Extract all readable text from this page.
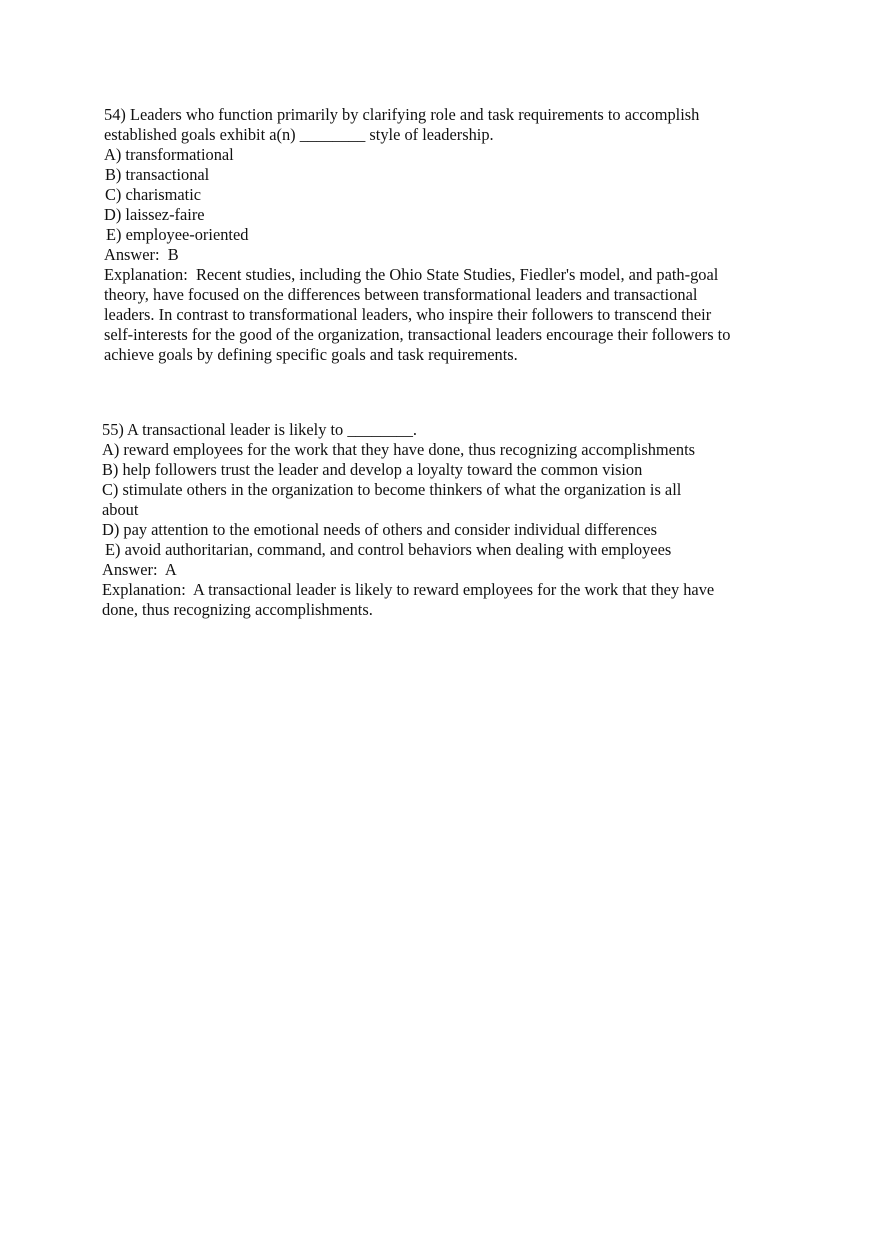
54) Leaders who function primarily by clarifying role and task requirements to accomplish
established goals exhibit a(n) ________ style of leadership.
A) transformational
B) transactional
C) charismatic
D) laissez-faire
E) employee-oriented
Answer:  B
Explanation:  Recent studies, including the Ohio State Studies, Fiedler's model, and path-goal
theory, have focused on the differences between transformational leaders and transactional
leaders. In contrast to transformational leaders, who inspire their followers to transcend their
self-interests for the good of the organization, transactional leaders encourage their followers to
achieve goals by defining specific goals and task requirements.
55) A transactional leader is likely to ________.
A) reward employees for the work that they have done, thus recognizing accomplishments
B) help followers trust the leader and develop a loyalty toward the common vision
C) stimulate others in the organization to become thinkers of what the organization is all
about
D) pay attention to the emotional needs of others and consider individual differences
E) avoid authoritarian, command, and control behaviors when dealing with employees
Answer:  A
Explanation:  A transactional leader is likely to reward employees for the work that they have
done, thus recognizing accomplishments.
